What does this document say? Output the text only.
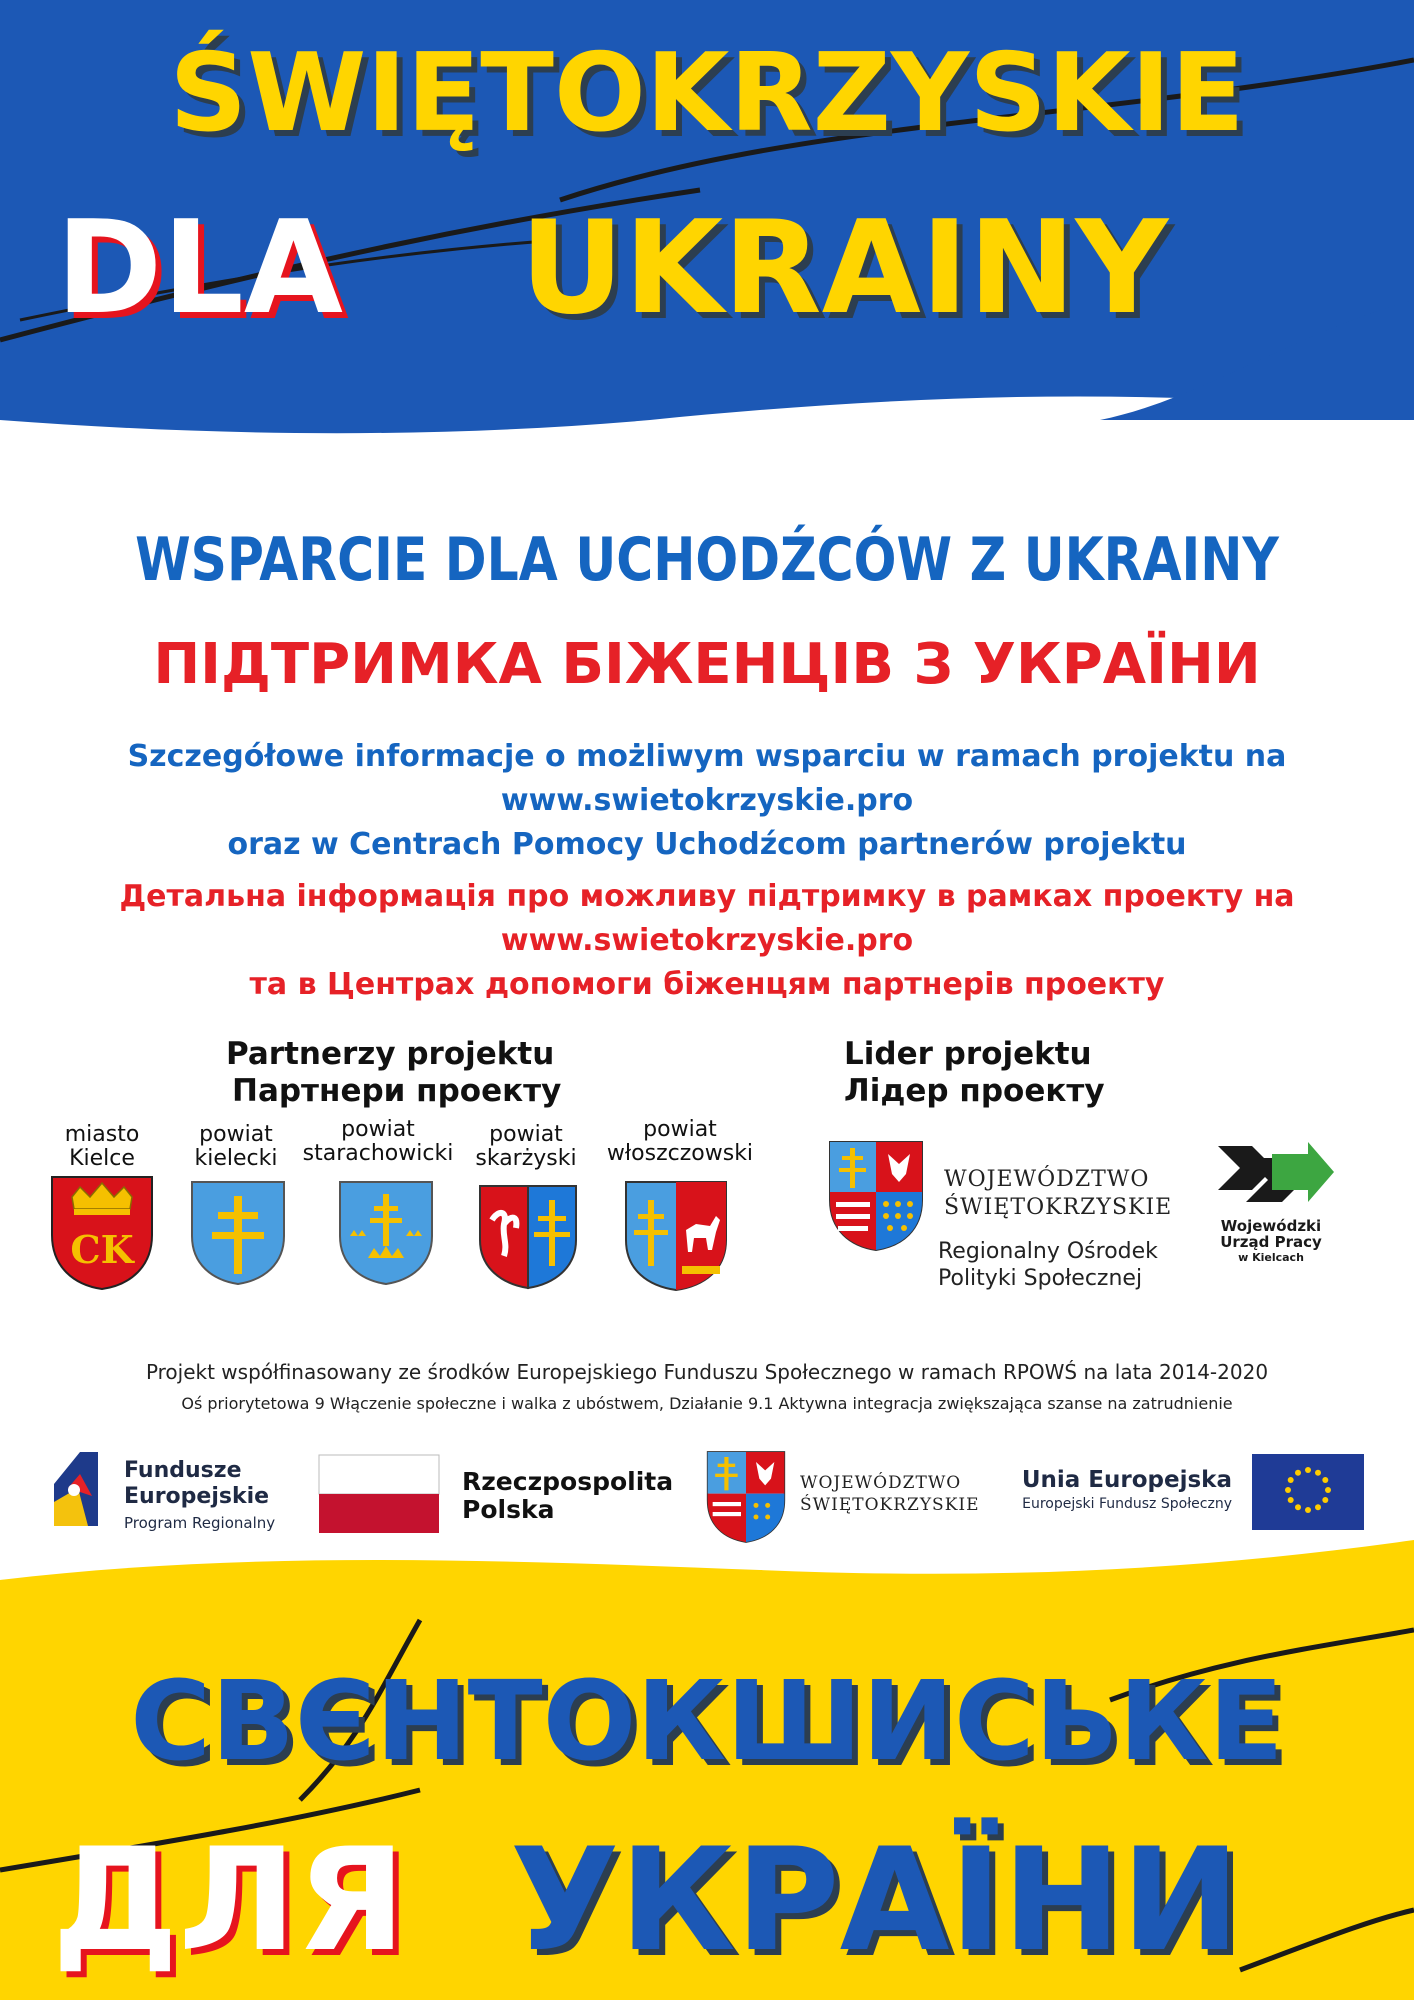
ŚWIĘTOKRZYSKIE
DLA UKRAINY
WSPARCIE DLA UCHODŹCÓW Z UKRAINY
ПІДТРИМКА БІЖЕНЦІВ З УКРАЇНИ
Szczegółowe informacje o możliwym wsparciu w ramach projektu na
www.swietokrzyskie.pro
oraz w Centrach Pomocy Uchodźcom partnerów projektu
Детальна інформація про можливу підтримку в рамках проекту на
www.swietokrzyskie.pro
та в Центрах допомоги біженцям партнерів проекту
Partnerzy projektu
Партнери проекту
Lider projektu
Лідер проекту
miasto
Kielce
powiat
kielecki
powiat
starachowicki
powiat
skarżyski
powiat
włoszczowski
CK
WOJEWÓDZTWO
ŚWIĘTOKRZYSKIE
Regionalny Ośrodek
Polityki Społecznej
Wojewódzki
Urząd Pracy
w Kielcach
Projekt współfinasowany ze środków Europejskiego Funduszu Społecznego w ramach RPOWŚ na lata 2014-2020
Oś priorytetowa 9 Włączenie społeczne i walka z ubóstwem, Działanie 9.1 Aktywna integracja zwiększająca szanse na zatrudnienie
Fundusze
Europejskie
Program Regionalny
Rzeczpospolita
Polska
WOJEWÓDZTWO
ŚWIĘTOKRZYSKIE
Unia Europejska
Europejski Fundusz Społeczny
СВЄНТОКШИСЬКЕ
ДЛЯ УКРАЇНИ
